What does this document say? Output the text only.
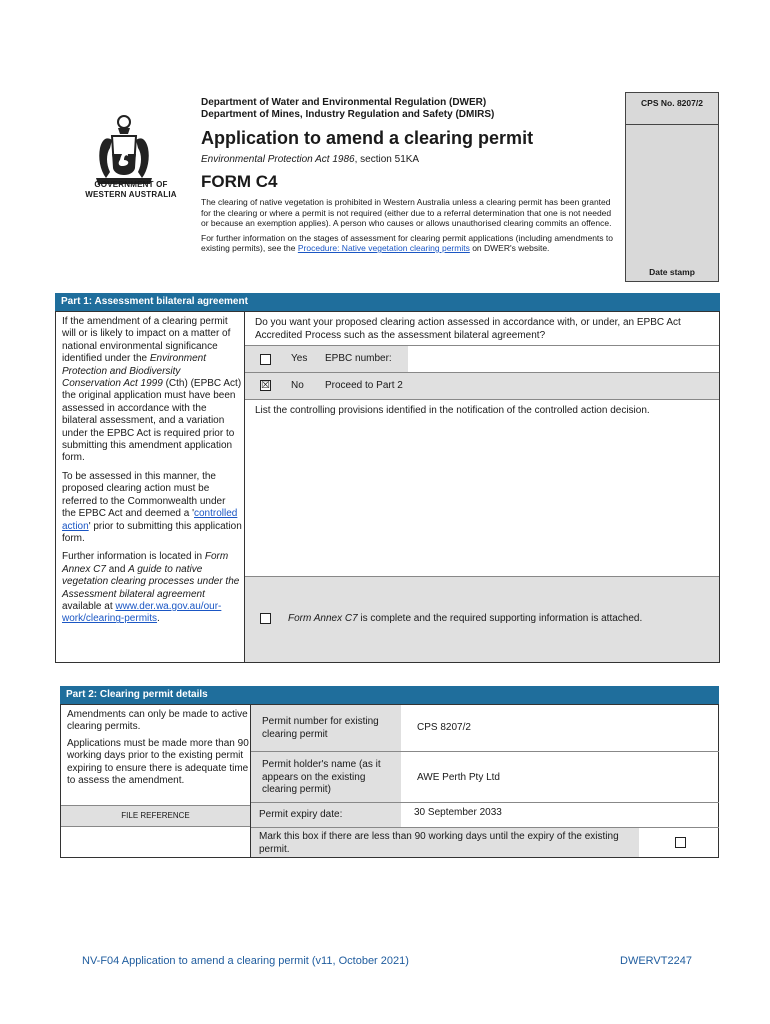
GOVERNMENT OF
WESTERN AUSTRALIA
Department of Water and Environmental Regulation (DWER)
Department of Mines, Industry Regulation and Safety (DMIRS)
Application to amend a clearing permit
Environmental Protection Act 1986, section 51KA
FORM C4

The clearing of native vegetation is prohibited in Western Australia unless a clearing permit has been granted for the clearing or where a permit is not required (either due to a referral determination that one is not needed or because an exemption applies). A person who causes or allows unauthorised clearing commits an offence.

For further information on the stages of assessment for clearing permit applications (including amendments to existing permits), see the Procedure: Native vegetation clearing permits on DWER's website.

CPS No. 8207/2
Date stamp
Part 1: Assessment bilateral agreement

If the amendment of a clearing permit will or is likely to impact on a matter of national environmental significance identified under the Environment Protection and Biodiversity Conservation Act 1999 (Cth) (EPBC Act) the original application must have been assessed in accordance with the bilateral assessment, and a variation under the EPBC Act is required prior to submitting this amendment application form.

To be assessed in this manner, the proposed clearing action must be referred to the Commonwealth under the EPBC Act and deemed a 'controlled action' prior to submitting this application form.

Further information is located in Form Annex C7 and A guide to native vegetation clearing processes under the Assessment bilateral agreement available at www.der.wa.gov.au/our-work/clearing-permits.

Do you want your proposed clearing action assessed in accordance with, or under, an EPBC Act Accredited Process such as the assessment bilateral agreement?
Yes EPBC number:
☒ No Proceed to Part 2
List the controlling provisions identified in the notification of the controlled action decision.
Form Annex C7 is complete and the required supporting information is attached.
Part 2: Clearing permit details

Amendments can only be made to active clearing permits.

Applications must be made more than 90 working days prior to the existing permit expiring to ensure there is adequate time to assess the amendment.

FILE REFERENCE
Permit number for existing clearing permit
CPS 8207/2
Permit holder's name (as it appears on the existing clearing permit)
AWE Perth Pty Ltd
Permit expiry date:	30 September 2033
Mark this box if there are less than 90 working days until the expiry of the existing permit.
NV-F04 Application to amend a clearing permit (v11, October 2021)	DWERVT2247
